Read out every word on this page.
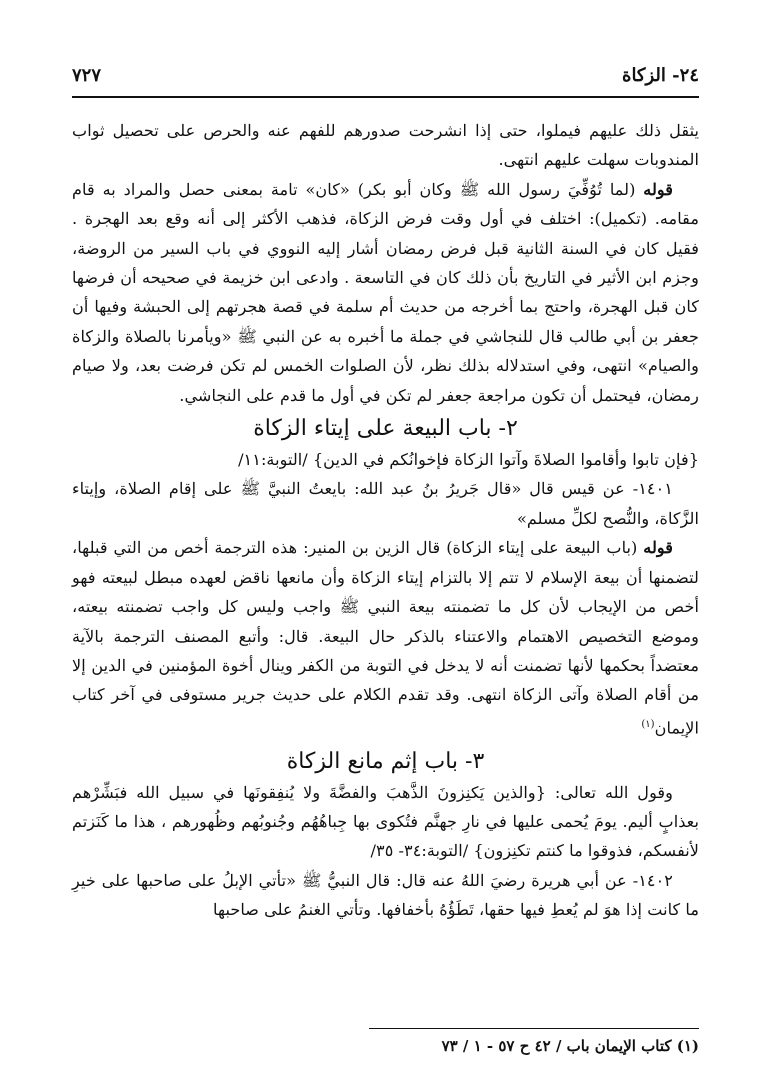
٢٤- الزكاة
٧٢٧

يثقل ذلك عليهم فيملوا، حتى إذا انشرحت صدورهم للفهم عنه والحرص على تحصيل ثواب المندوبات سهلت عليهم انتهى.

قوله (لما تُوُفِّيَ رسول الله ﷺ وكان أبو بكر) «كان» تامة بمعنى حصل والمراد به قام مقامه. (تكميل): اختلف في أول وقت فرض الزكاة، فذهب الأكثر إلى أنه وقع بعد الهجرة . فقيل كان في السنة الثانية قبل فرض رمضان أشار إليه النووي في باب السير من الروضة، وجزم ابن الأثير في التاريخ بأن ذلك كان في التاسعة . وادعى ابن خزيمة في صحيحه أن فرضها كان قبل الهجرة، واحتج بما أخرجه من حديث أم سلمة في قصة هجرتهم إلى الحبشة وفيها أن جعفر بن أبي طالب قال للنجاشي في جملة ما أخبره به عن النبي ﷺ «ويأمرنا بالصلاة والزكاة والصيام» انتهى، وفي استدلاله بذلك نظر، لأن الصلوات الخمس لم تكن فرضت بعد، ولا صيام رمضان، فيحتمل أن تكون مراجعة جعفر لم تكن في أول ما قدم على النجاشي.

٢- باب البيعة على إيتاء الزكاة

{فإن تابوا وأقاموا الصلاةَ وآتوا الزكاة فإخوانُكم في الدين} /التوبة:١١/

١٤٠١- عن قيس قال «قال جَريرُ بنُ عبد الله: بايعتُ النبيَّ ﷺ على إقام الصلاة، وإيتاء الزَّكاة، والنُّصح لكلِّ مسلم»

قوله (باب البيعة على إيتاء الزكاة) قال الزين بن المنير: هذه الترجمة أخص من التي قبلها، لتضمنها أن بيعة الإسلام لا تتم إلا بالتزام إيتاء الزكاة وأن مانعها ناقض لعهده مبطل لبيعته فهو أخص من الإيجاب لأن كل ما تضمنته بيعة النبي ﷺ واجب وليس كل واجب تضمنته بيعته، وموضع التخصيص الاهتمام والاعتناء بالذكر حال البيعة. قال: وأتبع المصنف الترجمة بالآية معتضداً بحكمها لأنها تضمنت أنه لا يدخل في التوبة من الكفر وينال أخوة المؤمنين في الدين إلا من أقام الصلاة وآتى الزكاة انتهى. وقد تقدم الكلام على حديث جرير مستوفى في آخر كتاب الإيمان$^{(١)}$

٣- باب إثم مانع الزكاة

وقول الله تعالى: {والذين يَكنِزونَ الذَّهبَ والفضَّةَ ولا يُنفِقونَها في سبيل الله فبَشِّرْهم بعذابٍ أليم. يومَ يُحمى عليها في نارِ جهنَّم فتُكوى بها جِباهُهُم وجُنوبُهم وظُهورهم ، هذا ما كَنَزتم لأنفسكم، فذوقوا ما كنتم تكنِزون} /التوبة:٣٤- ٣٥/

١٤٠٢- عن أبي هريرة رضيَ اللهُ عنه قال: قال النبيُّ ﷺ «تأتي الإبلُ على صاحبها على خيرِ ما كانت إذا هوَ لم يُعطِ فيها حقها، تَطَؤُهُ بأخفافها. وتأتي الغنمُ على صاحبها

(١) كتاب الإيمان باب / ٤٢ ح ٥٧ - ١ / ٧٣
